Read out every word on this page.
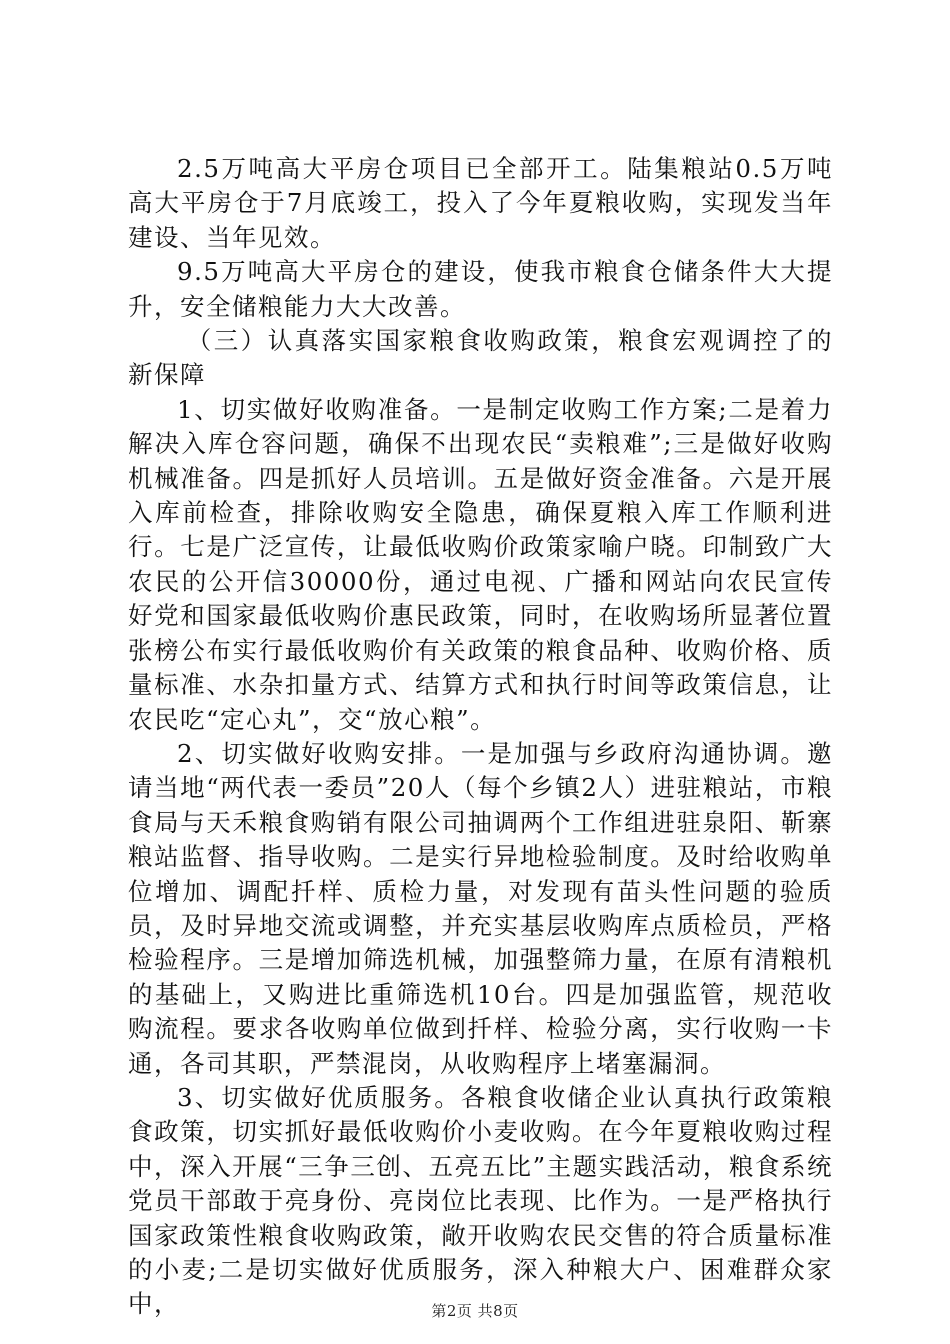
2.5万吨高大平房仓项目已全部开工。陆集粮站0.5万吨高大平房仓于7月底竣工，投入了今年夏粮收购，实现发当年建设、当年见效。

9.5万吨高大平房仓的建设，使我市粮食仓储条件大大提升，安全储粮能力大大改善。

（三）认真落实国家粮食收购政策，粮食宏观调控了的新保障

1、切实做好收购准备。一是制定收购工作方案;二是着力解决入库仓容问题，确保不出现农民“卖粮难”;三是做好收购机械准备。四是抓好人员培训。五是做好资金准备。六是开展入库前检查，排除收购安全隐患，确保夏粮入库工作顺利进行。七是广泛宣传，让最低收购价政策家喻户晓。印制致广大农民的公开信30000份，通过电视、广播和网站向农民宣传好党和国家最低收购价惠民政策，同时，在收购场所显著位置张榜公布实行最低收购价有关政策的粮食品种、收购价格、质量标准、水杂扣量方式、结算方式和执行时间等政策信息，让农民吃“定心丸”，交“放心粮”。

2、切实做好收购安排。一是加强与乡政府沟通协调。邀请当地“两代表一委员”20人（每个乡镇2人）进驻粮站，市粮食局与天禾粮食购销有限公司抽调两个工作组进驻泉阳、靳寨粮站监督、指导收购。二是实行异地检验制度。及时给收购单位增加、调配扦样、质检力量，对发现有苗头性问题的验质员，及时异地交流或调整，并充实基层收购库点质检员，严格检验程序。三是增加筛选机械，加强整筛力量，在原有清粮机的基础上，又购进比重筛选机10台。四是加强监管，规范收购流程。要求各收购单位做到扦样、检验分离，实行收购一卡通，各司其职，严禁混岗，从收购程序上堵塞漏洞。

3、切实做好优质服务。各粮食收储企业认真执行政策粮食政策，切实抓好最低收购价小麦收购。在今年夏粮收购过程中，深入开展“三争三创、五亮五比”主题实践活动，粮食系统党员干部敢于亮身份、亮岗位比表现、比作为。一是严格执行国家政策性粮食收购政策，敞开收购农民交售的符合质量标准的小麦;二是切实做好优质服务，深入种粮大户、困难群众家中，	第2页 共8页
